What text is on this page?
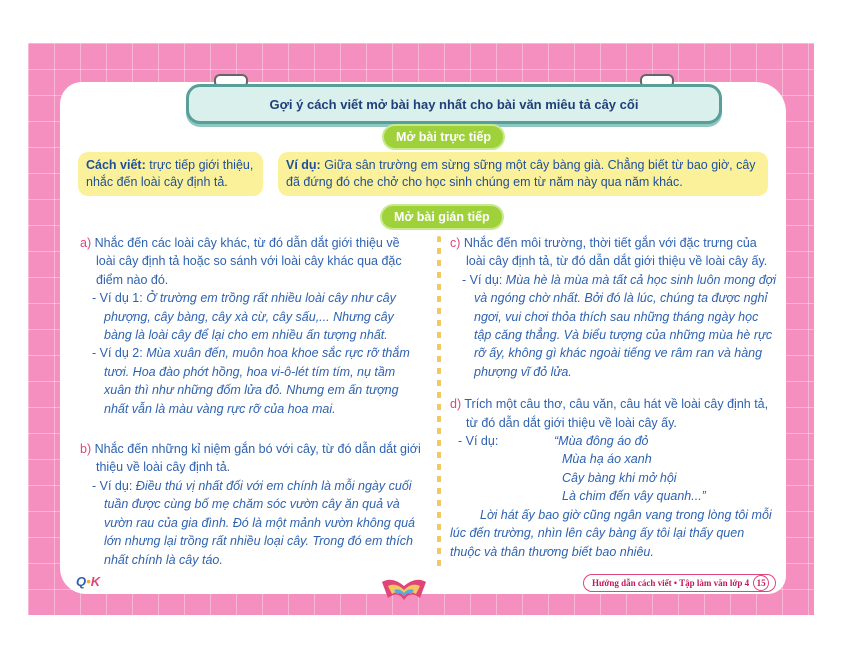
Gợi ý cách viết mở bài hay nhất cho bài văn miêu tả cây cối
Mở bài trực tiếp
Cách viết: trực tiếp giới thiệu, nhắc đến loài cây định tả.
Ví dụ: Giữa sân trường em sừng sững một cây bàng già. Chẳng biết từ bao giờ, cây đã đứng đó che chở cho học sinh chúng em từ năm này qua năm khác.
Mở bài gián tiếp

a) Nhắc đến các loài cây khác, từ đó dẫn dắt giới thiệu về loài cây định tả hoặc so sánh với loài cây khác qua đặc điểm nào đó.

- Ví dụ 1: Ở trường em trồng rất nhiều loài cây như cây phượng, cây bàng, cây xà cừ, cây sấu,... Nhưng cây bàng là loài cây để lại cho em nhiều ấn tượng nhất.

- Ví dụ 2: Mùa xuân đến, muôn hoa khoe sắc rực rỡ thắm tươi. Hoa đào phớt hồng, hoa vi-ô-lét tím tím, nụ tầm xuân thì như những đốm lửa đỏ. Nhưng em ấn tượng nhất vẫn là màu vàng rực rỡ của hoa mai.

b) Nhắc đến những kỉ niệm gắn bó với cây, từ đó dẫn dắt giới thiệu về loài cây định tả.

- Ví dụ: Điều thú vị nhất đối với em chính là mỗi ngày cuối tuần được cùng bố mẹ chăm sóc vườn cây ăn quả và vườn rau của gia đình. Đó là một mảnh vườn không quá lớn nhưng lại trồng rất nhiều loại cây. Trong đó em thích nhất chính là cây táo.

c) Nhắc đến môi trường, thời tiết gắn với đặc trưng của loài cây định tả, từ đó dẫn dắt giới thiệu về loài cây ấy.

- Ví dụ: Mùa hè là mùa mà tất cả học sinh luôn mong đợi và ngóng chờ nhất. Bởi đó là lúc, chúng ta được nghỉ ngơi, vui chơi thỏa thích sau những tháng ngày học tập căng thẳng. Và biểu tượng của những mùa hè rực rỡ ấy, không gì khác ngoài tiếng ve râm ran và hàng phượng vĩ đỏ lửa.

d) Trích một câu thơ, câu văn, câu hát về loài cây định tả, từ đó dẫn dắt giới thiệu về loài cây ấy.

- Ví dụ:	“Mùa đông áo đỏ

Mùa hạ áo xanh

Cây bàng khi mở hội

Là chim đến vây quanh...”

Lời hát ấy bao giờ cũng ngân vang trong lòng tôi mỗi lúc đến trường, nhìn lên cây bàng ấy tôi lại thấy quen thuộc và thân thương biết bao nhiêu.

Q•K	Hướng dẫn cách viết • Tập làm văn lớp 4 15
